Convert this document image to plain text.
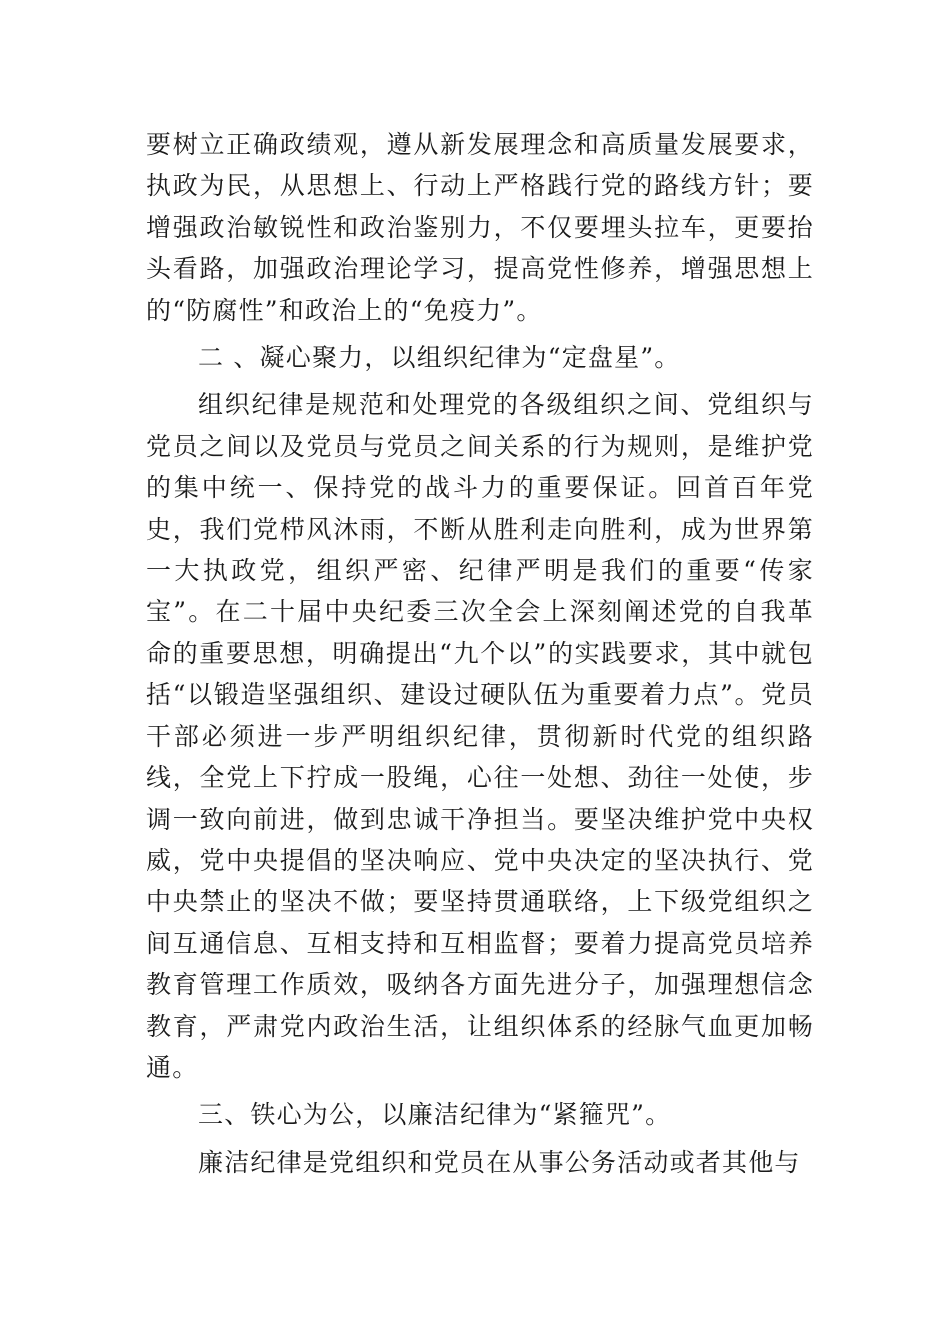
要树立正确政绩观，遵从新发展理念和高质量发展要求，执政为民，从思想上、行动上严格践行党的路线方针；要增强政治敏锐性和政治鉴别力，不仅要埋头拉车，更要抬头看路，加强政治理论学习，提高党性修养，增强思想上的“防腐性”和政治上的“免疫力”。

二 、凝心聚力，以组织纪律为“定盘星”。

组织纪律是规范和处理党的各级组织之间、党组织与党员之间以及党员与党员之间关系的行为规则，是维护党的集中统一、保持党的战斗力的重要保证。回首百年党史，我们党栉风沐雨，不断从胜利走向胜利，成为世界第一大执政党，组织严密、纪律严明是我们的重要“传家宝”。在二十届中央纪委三次全会上深刻阐述党的自我革命的重要思想，明确提出“九个以”的实践要求，其中就包括“以锻造坚强组织、建设过硬队伍为重要着力点”。党员干部必须进一步严明组织纪律，贯彻新时代党的组织路线，全党上下拧成一股绳，心往一处想、劲往一处使，步调一致向前进，做到忠诚干净担当。要坚决维护党中央权威，党中央提倡的坚决响应、党中央决定的坚决执行、党中央禁止的坚决不做；要坚持贯通联络，上下级党组织之间互通信息、互相支持和互相监督；要着力提高党员培养教育管理工作质效，吸纳各方面先进分子，加强理想信念教育，严肃党内政治生活，让组织体系的经脉气血更加畅通。

三、铁心为公，以廉洁纪律为“紧箍咒”。

廉洁纪律是党组织和党员在从事公务活动或者其他与
